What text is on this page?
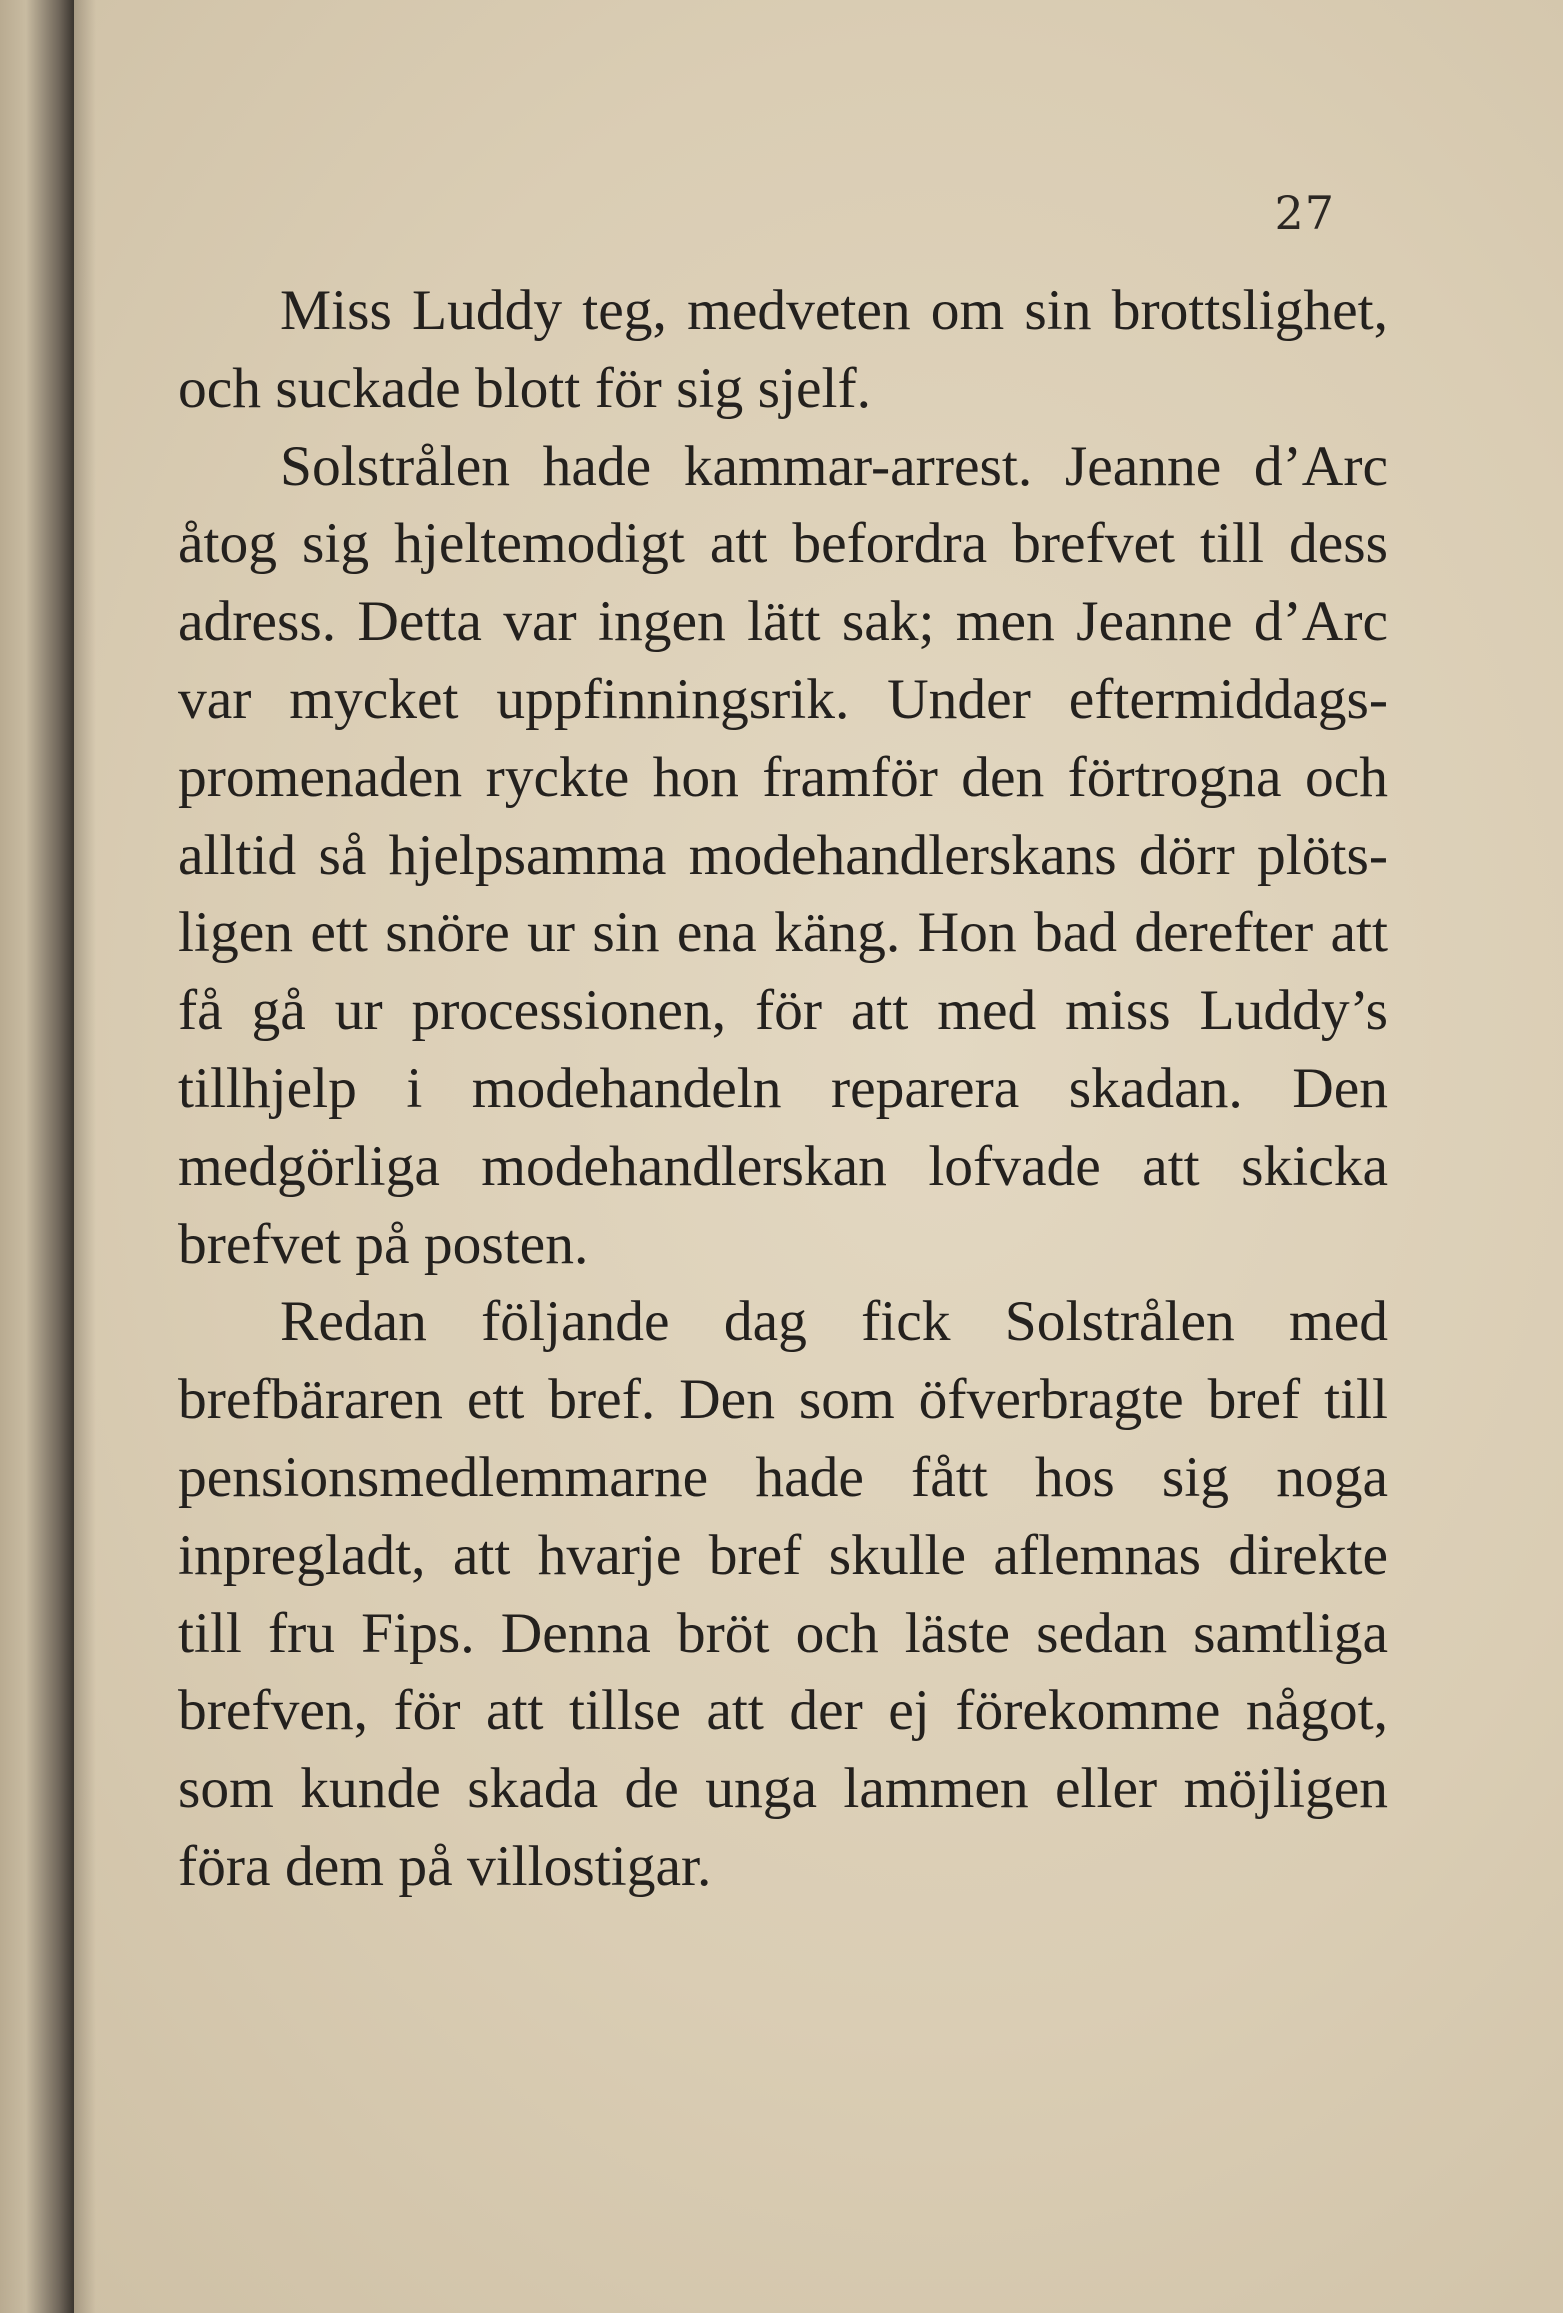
27

Miss Luddy teg, medveten om sin brottslighet, och suckade blott för sig sjelf.

Solstrålen hade kammar-arrest. Jeanne d’Arc åtog sig hjeltemodigt att befordra brefvet till dess adress. Detta var ingen lätt sak; men Jeanne d’Arc var mycket uppfinningsrik. Under eftermiddags-promenaden ryckte hon framför den förtrogna och alltid så hjelpsamma modehandlerskans dörr plötsligen ett snöre ur sin ena käng. Hon bad derefter att få gå ur processionen, för att med miss Luddy’s tillhjelp i modehandeln reparera skadan. Den medgörliga modehandlerskan lofvade att skicka brefvet på posten.

Redan följande dag fick Solstrålen med brefbäraren ett bref. Den som öfverbragte bref till pensionsmedlemmarne hade fått hos sig noga inpregladt, att hvarje bref skulle aflemnas direkte till fru Fips. Denna bröt och läste sedan samtliga brefven, för att tillse att der ej förekomme något, som kunde skada de unga lammen eller möjligen föra dem på villostigar.
